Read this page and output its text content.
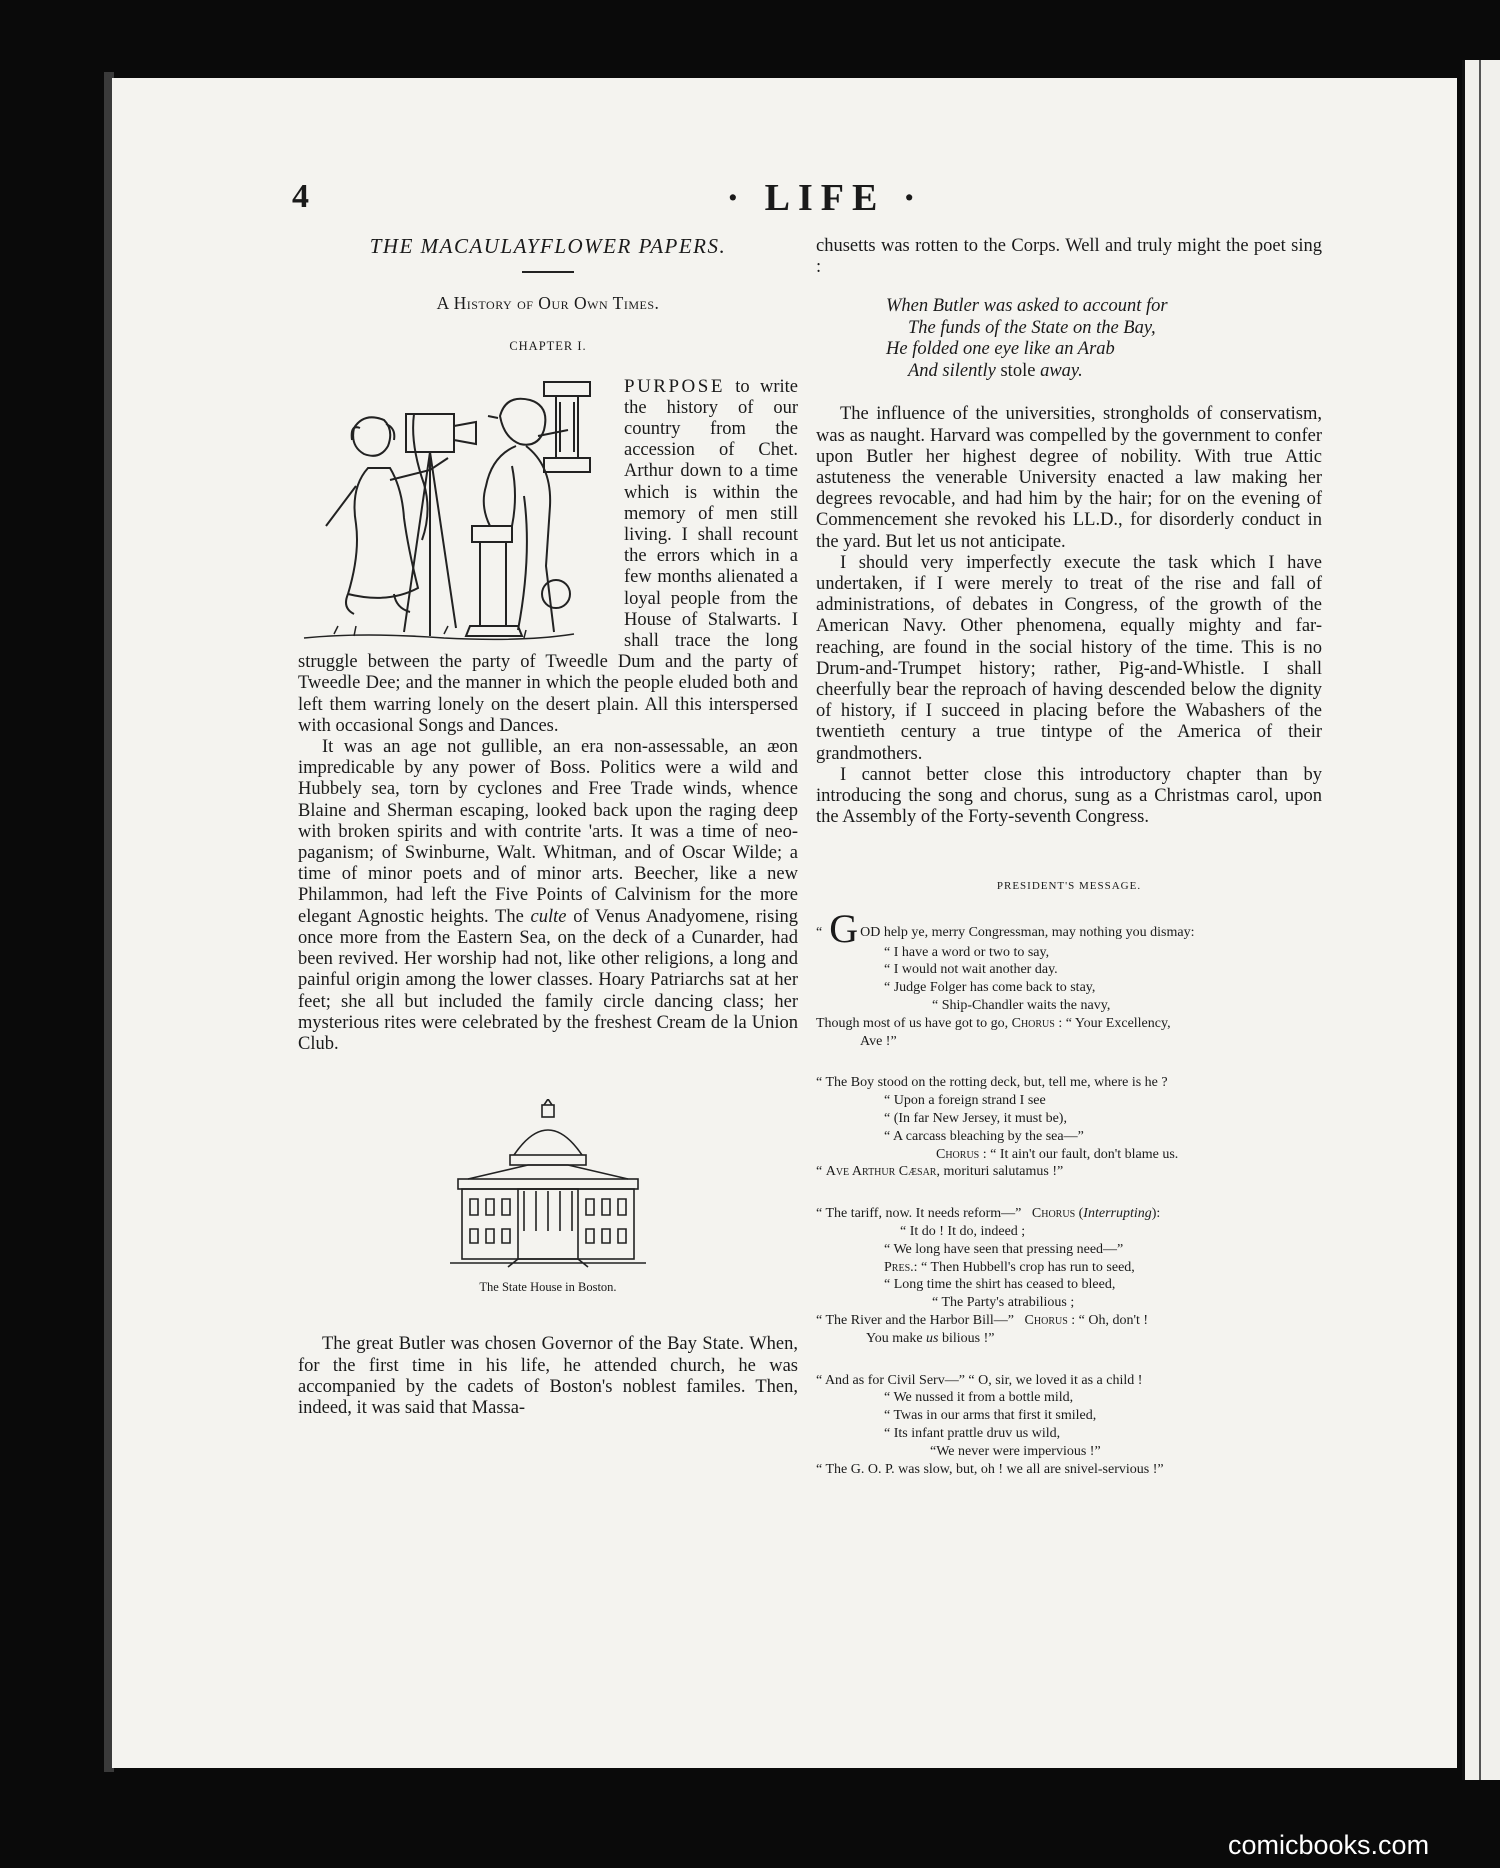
4	· LIFE ·

THE MACAULAYFLOWER PAPERS.

A History of Our Own Times.
CHAPTER I.

PURPOSE to write the history of our country from the accession of Chet. Arthur down to a time which is within the memory of men still living. I shall recount the errors which in a few months alienated a loyal people from the House of Stalwarts. I shall trace the long struggle between the party of Tweedle Dum and the party of Tweedle Dee; and the manner in which the people eluded both and left them warring lonely on the desert plain. All this interspersed with occasional Songs and Dances.

It was an age not gullible, an era non-assessable, an æon impredicable by any power of Boss. Politics were a wild and Hubbely sea, torn by cyclones and Free Trade winds, whence Blaine and Sherman escaping, looked back upon the raging deep with broken spirits and with contrite 'arts. It was a time of neo-paganism; of Swinburne, Walt. Whitman, and of Oscar Wilde; a time of minor poets and of minor arts. Beecher, like a new Philammon, had left the Five Points of Calvinism for the more elegant Agnostic heights. The culte of Venus Anadyomene, rising once more from the Eastern Sea, on the deck of a Cunarder, had been revived. Her worship had not, like other religions, a long and painful origin among the lower classes. Hoary Patriarchs sat at her feet; she all but included the family circle dancing class; her mysterious rites were celebrated by the freshest Cream de la Union Club.

The State House in Boston.

The great Butler was chosen Governor of the Bay State. When, for the first time in his life, he attended church, he was accompanied by the cadets of Boston's noblest familes. Then, indeed, it was said that Massa-

chusetts was rotten to the Corps. Well and truly might the poet sing :

When Butler was asked to account for
The funds of the State on the Bay,
He folded one eye like an Arab
And silently stole away.

The influence of the universities, strongholds of conservatism, was as naught. Harvard was compelled by the government to confer upon Butler her highest degree of nobility. With true Attic astuteness the venerable University enacted a law making her degrees revocable, and had him by the hair; for on the evening of Commencement she revoked his LL.D., for disorderly conduct in the yard. But let us not anticipate.

I should very imperfectly execute the task which I have undertaken, if I were merely to treat of the rise and fall of administrations, of debates in Congress, of the growth of the American Navy. Other phenomena, equally mighty and far-reaching, are found in the social history of the time. This is no Drum-and-Trumpet history; rather, Pig-and-Whistle. I shall cheerfully bear the reproach of having descended below the dignity of history, if I succeed in placing before the Wabashers of the twentieth century a true tintype of the America of their grandmothers.

I cannot better close this introductory chapter than by introducing the song and chorus, sung as a Christmas carol, upon the Assembly of the Forty-seventh Congress.

PRESIDENT'S MESSAGE.
“ G OD help ye, merry Congressman, may nothing you dismay:
“ I have a word or two to say,
“ I would not wait another day.
“ Judge Folger has come back to stay,
“ Ship-Chandler waits the navy,
Though most of us have got to go, Chorus : “ Your Excellency,
Ave !”
“ The Boy stood on the rotting deck, but, tell me, where is he ?
“ Upon a foreign strand I see
“ (In far New Jersey, it must be),
“ A carcass bleaching by the sea—”
Chorus : “ It ain't our fault, don't blame us.
“ Ave Arthur Cæsar, morituri salutamus !”
“ The tariff, now. It needs reform—” Chorus (Interrupting):
“ It do ! It do, indeed ;
“ We long have seen that pressing need—”
Pres.: “ Then Hubbell's crop has run to seed,
“ Long time the shirt has ceased to bleed,
“ The Party's atrabilious ;
“ The River and the Harbor Bill—” Chorus : “ Oh, don't !
You make us bilious !”
“ And as for Civil Serv—” “ O, sir, we loved it as a child !
“ We nussed it from a bottle mild,
“ Twas in our arms that first it smiled,
“ Its infant prattle druv us wild,
“We never were impervious !”
“ The G. O. P. was slow, but, oh ! we all are snivel-servious !”
comicbooks.com
